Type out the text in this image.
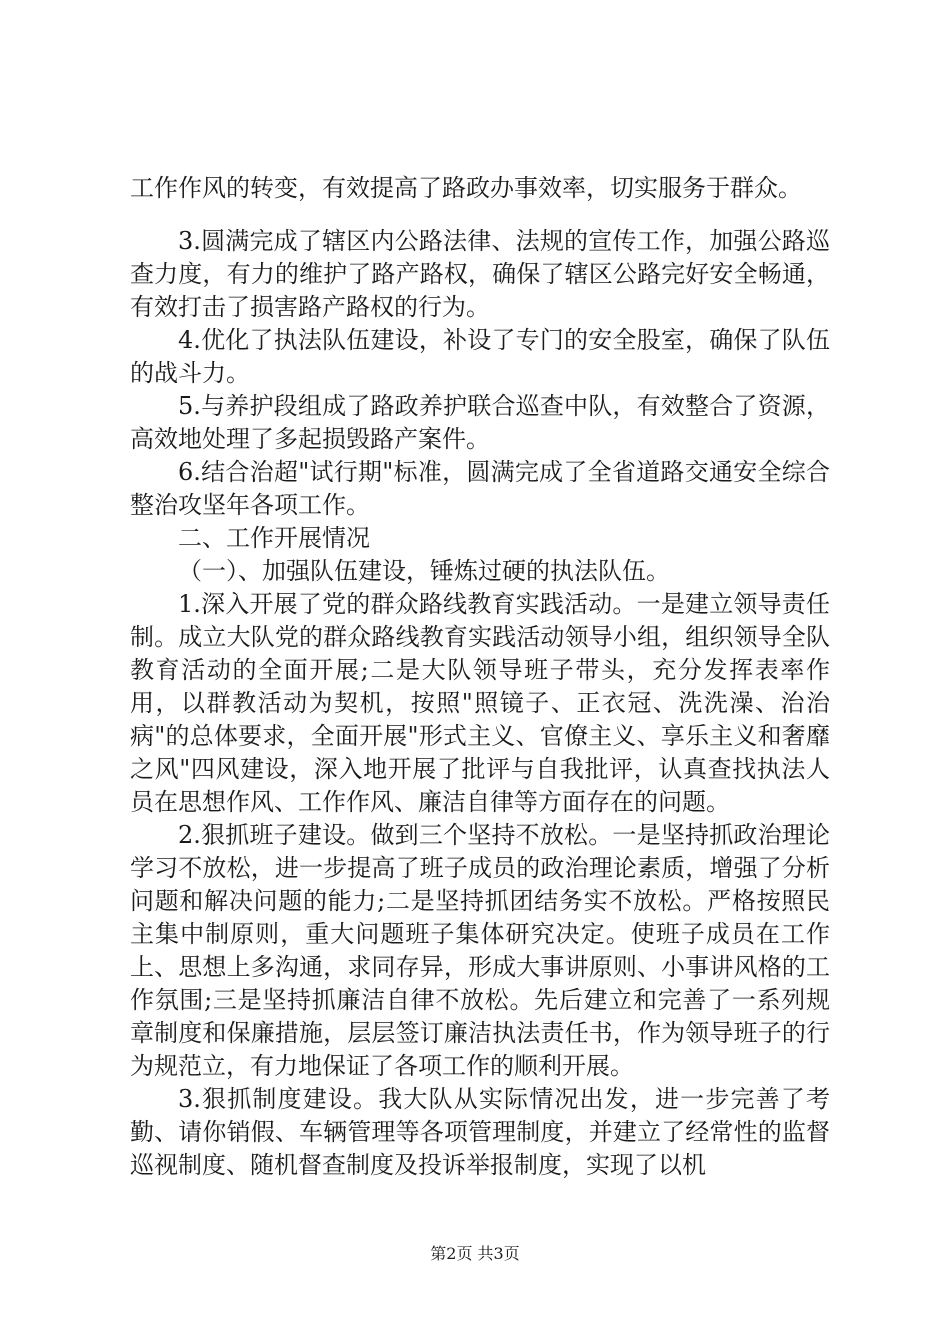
工作作风的转变，有效提高了路政办事效率，切实服务于群众。

3.圆满完成了辖区内公路法律、法规的宣传工作，加强公路巡查力度，有力的维护了路产路权，确保了辖区公路完好安全畅通，有效打击了损害路产路权的行为。

4.优化了执法队伍建设，补设了专门的安全股室，确保了队伍的战斗力。

5.与养护段组成了路政养护联合巡查中队，有效整合了资源，高效地处理了多起损毁路产案件。

6.结合治超"试行期"标准，圆满完成了全省道路交通安全综合整治攻坚年各项工作。

二、工作开展情况

（一）、加强队伍建设，锤炼过硬的执法队伍。

1.深入开展了党的群众路线教育实践活动。一是建立领导责任制。成立大队党的群众路线教育实践活动领导小组，组织领导全队教育活动的全面开展;二是大队领导班子带头，充分发挥表率作用，以群教活动为契机，按照"照镜子、正衣冠、洗洗澡、治治病"的总体要求，全面开展"形式主义、官僚主义、享乐主义和奢靡之风"四风建设，深入地开展了批评与自我批评，认真查找执法人员在思想作风、工作作风、廉洁自律等方面存在的问题。

2.狠抓班子建设。做到三个坚持不放松。一是坚持抓政治理论学习不放松，进一步提高了班子成员的政治理论素质，增强了分析问题和解决问题的能力;二是坚持抓团结务实不放松。严格按照民主集中制原则，重大问题班子集体研究决定。使班子成员在工作上、思想上多沟通，求同存异，形成大事讲原则、小事讲风格的工作氛围;三是坚持抓廉洁自律不放松。先后建立和完善了一系列规章制度和保廉措施，层层签订廉洁执法责任书，作为领导班子的行为规范立，有力地保证了各项工作的顺利开展。

3.狠抓制度建设。我大队从实际情况出发，进一步完善了考勤、请你销假、车辆管理等各项管理制度，并建立了经常性的监督巡视制度、随机督查制度及投诉举报制度，实现了以机

第2页 共3页
